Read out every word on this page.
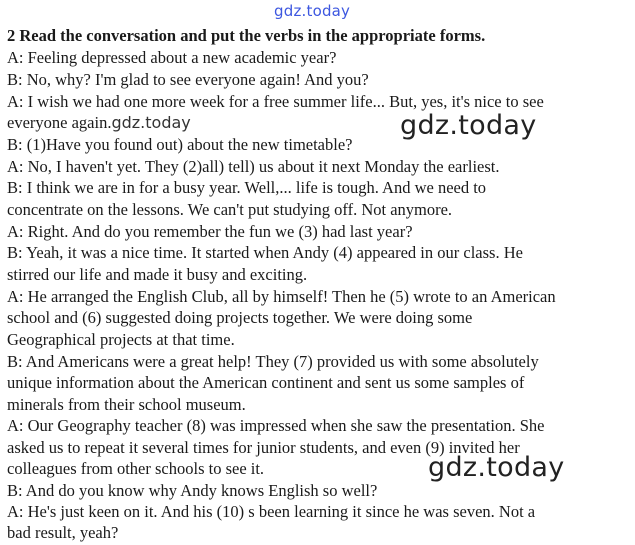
gdz.today
2 Read the conversation and put the verbs in the appropriate forms.
A: Feeling depressed about a new academic year?
B: No, why? I'm glad to see everyone again! And you?
A: I wish we had one more week for a free summer life... But, yes, it's nice to see
everyone again.gdz.today
B: (1)Have you found out) about the new timetable?
A: No, I haven't yet. They (2)all) tell) us about it next Monday the earliest.
B: I think we are in for a busy year. Well,... life is tough. And we need to
concentrate on the lessons. We can't put studying off. Not anymore.
A: Right. And do you remember the fun we (3) had last year?
B: Yeah, it was a nice time. It started when Andy (4) appeared in our class. He
stirred our life and made it busy and exciting.
A: He arranged the English Club, all by himself! Then he (5) wrote to an American
school and (6) suggested doing projects together. We were doing some
Geographical projects at that time.
B: And Americans were a great help! They (7) provided us with some absolutely
unique information about the American continent and sent us some samples of
minerals from their school museum.
A: Our Geography teacher (8) was impressed when she saw the presentation. She
asked us to repeat it several times for junior students, and even (9) invited her
colleagues from other schools to see it.
B: And do you know why Andy knows English so well?
A: He's just keen on it. And his (10) s been learning it since he was seven. Not a
bad result, yeah?
gdz.today
gdz.today
